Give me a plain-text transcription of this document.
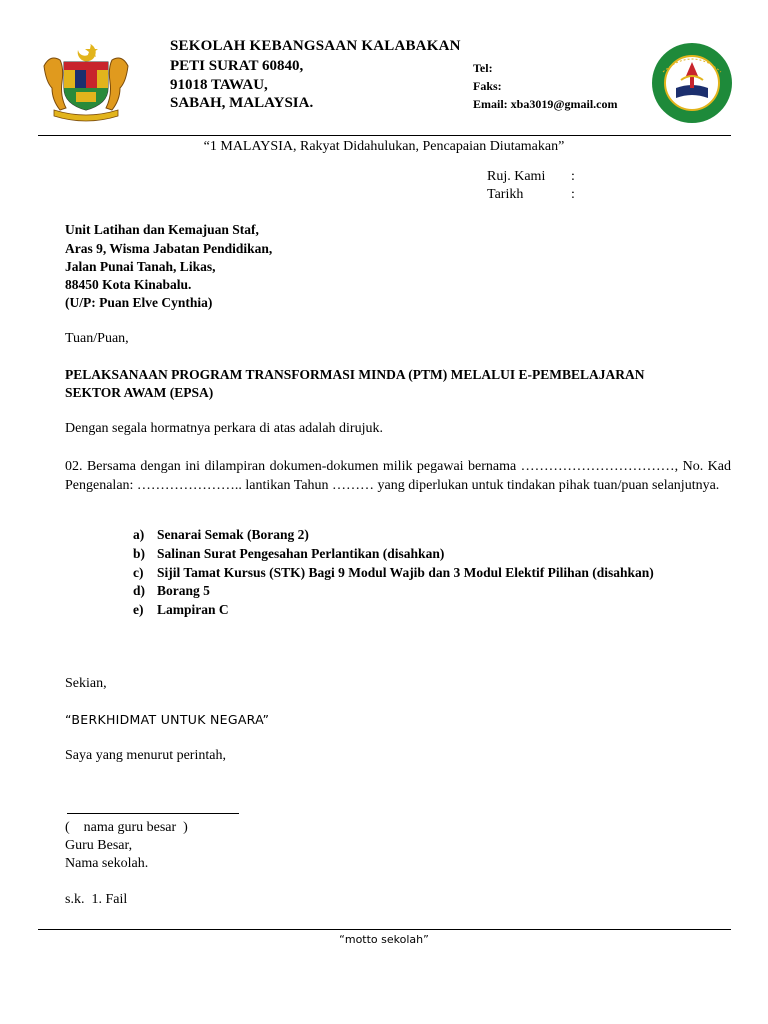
SEKOLAH KEBANGSAAN KALABAKAN
PETI SURAT 60840,
91018 TAWAU,
SABAH, MALAYSIA.
Tel:
Faks:
Email: xba3019@gmail.com
“1 MALAYSIA, Rakyat Didahulukan, Pencapaian Diutamakan”
Ruj. Kami :
Tarikh	:
Unit Latihan dan Kemajuan Staf,
Aras 9, Wisma Jabatan Pendidikan,
Jalan Punai Tanah, Likas,
88450 Kota Kinabalu.
(U/P: Puan Elve Cynthia)
Tuan/Puan,
PELAKSANAAN PROGRAM TRANSFORMASI MINDA (PTM) MELALUI E-PEMBELAJARAN
SEKTOR AWAM (EPSA)
Dengan segala hormatnya perkara di atas adalah dirujuk.
02. Bersama dengan ini dilampiran dokumen-dokumen milik pegawai bernama ……………………………, No. Kad Pengenalan: ………………….. lantikan Tahun ……… yang diperlukan untuk tindakan pihak tuan/puan selanjutnya.
a) Senarai Semak (Borang 2)
b) Salinan Surat Pengesahan Perlantikan (disahkan)
c) Sijil Tamat Kursus (STK) Bagi 9 Modul Wajib dan 3 Modul Elektif Pilihan (disahkan)
d) Borang 5
e) Lampiran C
Sekian,
“BERKHIDMAT UNTUK NEGARA”
Saya yang menurut perintah,
(    nama guru besar  )
Guru Besar,
Nama sekolah.
s.k.  1. Fail
“motto sekolah”
